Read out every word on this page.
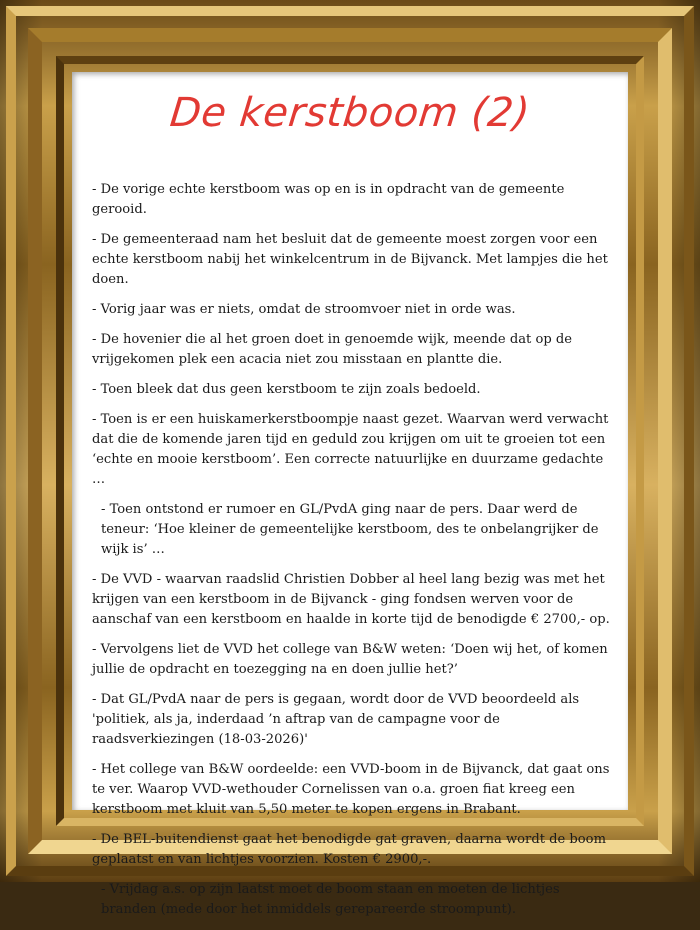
De kerstboom (2)

- De vorige echte kerstboom was op en is in opdracht van de gemeente gerooid.

- De gemeenteraad nam het besluit dat de gemeente moest zorgen voor een echte kerstboom nabij het winkelcentrum in de Bijvanck. Met lampjes die het doen.

- Vorig jaar was er niets, omdat de stroomvoer niet in orde was.

- De hovenier die al het groen doet in genoemde wijk, meende dat op de vrijgekomen plek een acacia niet zou misstaan en plantte die.

- Toen bleek dat dus geen kerstboom te zijn zoals bedoeld.

- Toen is er een huiskamerkerstboompje naast gezet. Waarvan werd verwacht dat die de komende jaren tijd en geduld zou krijgen om uit te groeien tot een ‘echte en mooie kerstboom’. Een correcte natuurlijke en duurzame gedachte …

- Toen ontstond er rumoer en GL/PvdA ging naar de pers. Daar werd de teneur: ‘Hoe kleiner de gemeentelijke kerstboom, des te onbelangrijker de wijk is’ …

- De VVD - waarvan raadslid Christien Dobber al heel lang bezig was met het krijgen van een kerstboom in de Bijvanck - ging fondsen werven voor de aanschaf van een kerstboom en haalde in korte tijd de benodigde € 2700,- op.

- Vervolgens liet de VVD het college van B&W weten: ‘Doen wij het, of komen jullie de opdracht en toezegging na en doen jullie het?’

- Dat GL/PvdA naar de pers is gegaan, wordt door de VVD beoordeeld als 'politiek, als ja, inderdaad ’n aftrap van de campagne voor de raadsverkiezingen (18-03-2026)'

- Het college van B&W oordeelde: een VVD-boom in de Bijvanck, dat gaat ons te ver. Waarop VVD-wethouder Cornelissen van o.a. groen fiat kreeg een kerstboom met kluit van 5,50 meter te kopen ergens in Brabant.

- De BEL-buitendienst gaat het benodigde gat graven, daarna wordt de boom geplaatst en van lichtjes voorzien. Kosten € 2900,-.

- Vrijdag a.s. op zijn laatst moet de boom staan en moeten de lichtjes branden (mede door het inmiddels gerepareerde stroompunt).
